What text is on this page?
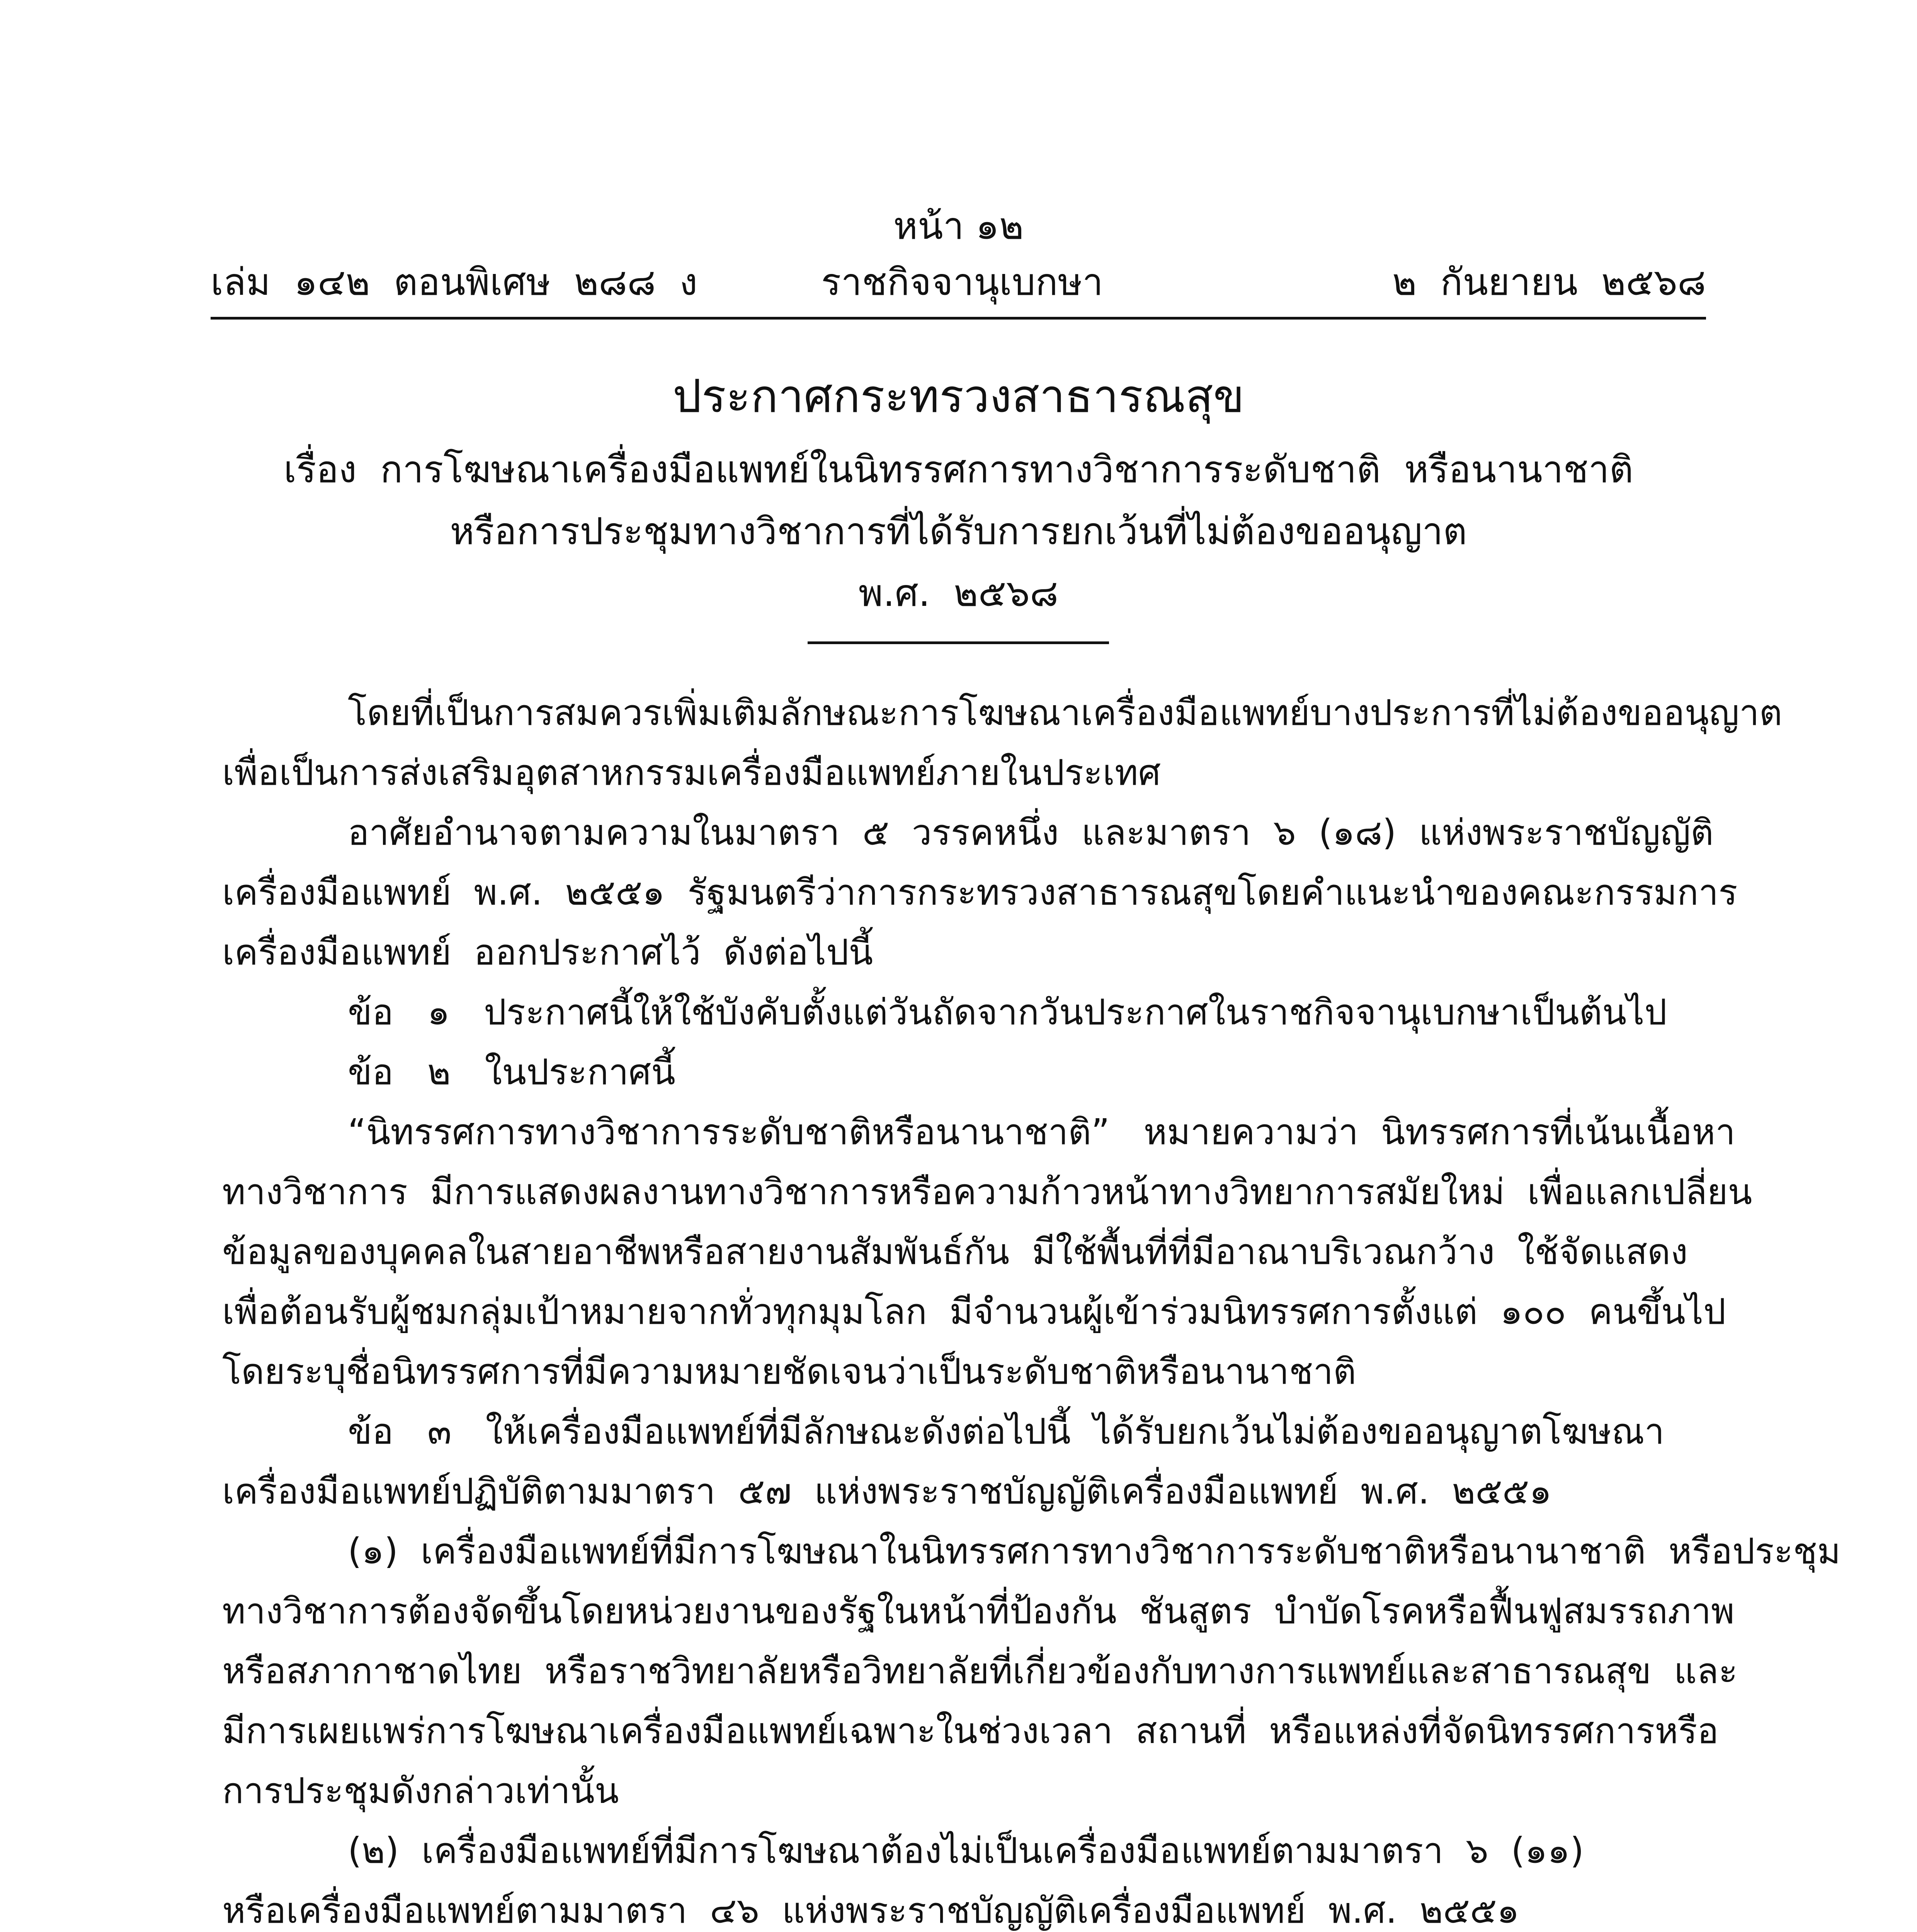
หน้า ๑๒
เล่ม  ๑๔๒  ตอนพิเศษ  ๒๘๘  ง	ราชกิจจานุเบกษา	๒  กันยายน  ๒๕๖๘
ประกาศกระทรวงสาธารณสุข
เรื่อง  การโฆษณาเครื่องมือแพทย์ในนิทรรศการทางวิชาการระดับชาติ  หรือนานาชาติ
หรือการประชุมทางวิชาการที่ได้รับการยกเว้นที่ไม่ต้องขออนุญาต
พ.ศ.  ๒๕๖๘
โดยที่เป็นการสมควรเพิ่มเติมลักษณะการโฆษณาเครื่องมือแพทย์บางประการที่ไม่ต้องขออนุญาต
เพื่อเป็นการส่งเสริมอุตสาหกรรมเครื่องมือแพทย์ภายในประเทศ
อาศัยอำนาจตามความในมาตรา  ๕  วรรคหนึ่ง  และมาตรา  ๖  (๑๘)  แห่งพระราชบัญญัติ
เครื่องมือแพทย์  พ.ศ.  ๒๕๕๑  รัฐมนตรีว่าการกระทรวงสาธารณสุขโดยคำแนะนำของคณะกรรมการ
เครื่องมือแพทย์  ออกประกาศไว้  ดังต่อไปนี้
ข้อ   ๑   ประกาศนี้ให้ใช้บังคับตั้งแต่วันถัดจากวันประกาศในราชกิจจานุเบกษาเป็นต้นไป
ข้อ   ๒   ในประกาศนี้
“นิทรรศการทางวิชาการระดับชาติหรือนานาชาติ”   หมายความว่า  นิทรรศการที่เน้นเนื้อหา
ทางวิชาการ  มีการแสดงผลงานทางวิชาการหรือความก้าวหน้าทางวิทยาการสมัยใหม่  เพื่อแลกเปลี่ยน
ข้อมูลของบุคคลในสายอาชีพหรือสายงานสัมพันธ์กัน  มีใช้พื้นที่ที่มีอาณาบริเวณกว้าง  ใช้จัดแสดง
เพื่อต้อนรับผู้ชมกลุ่มเป้าหมายจากทั่วทุกมุมโลก  มีจำนวนผู้เข้าร่วมนิทรรศการตั้งแต่  ๑๐๐  คนขึ้นไป
โดยระบุชื่อนิทรรศการที่มีความหมายชัดเจนว่าเป็นระดับชาติหรือนานาชาติ
ข้อ   ๓   ให้เครื่องมือแพทย์ที่มีลักษณะดังต่อไปนี้  ได้รับยกเว้นไม่ต้องขออนุญาตโฆษณา
เครื่องมือแพทย์ปฏิบัติตามมาตรา  ๕๗  แห่งพระราชบัญญัติเครื่องมือแพทย์  พ.ศ.  ๒๕๕๑
(๑)  เครื่องมือแพทย์ที่มีการโฆษณาในนิทรรศการทางวิชาการระดับชาติหรือนานาชาติ  หรือประชุม
ทางวิชาการต้องจัดขึ้นโดยหน่วยงานของรัฐในหน้าที่ป้องกัน  ชันสูตร  บำบัดโรคหรือฟื้นฟูสมรรถภาพ
หรือสภากาชาดไทย  หรือราชวิทยาลัยหรือวิทยาลัยที่เกี่ยวข้องกับทางการแพทย์และสาธารณสุข  และ
มีการเผยแพร่การโฆษณาเครื่องมือแพทย์เฉพาะในช่วงเวลา  สถานที่  หรือแหล่งที่จัดนิทรรศการหรือ
การประชุมดังกล่าวเท่านั้น
(๒)  เครื่องมือแพทย์ที่มีการโฆษณาต้องไม่เป็นเครื่องมือแพทย์ตามมาตรา  ๖  (๑๑)
หรือเครื่องมือแพทย์ตามมาตรา  ๔๖  แห่งพระราชบัญญัติเครื่องมือแพทย์  พ.ศ.  ๒๕๕๑
